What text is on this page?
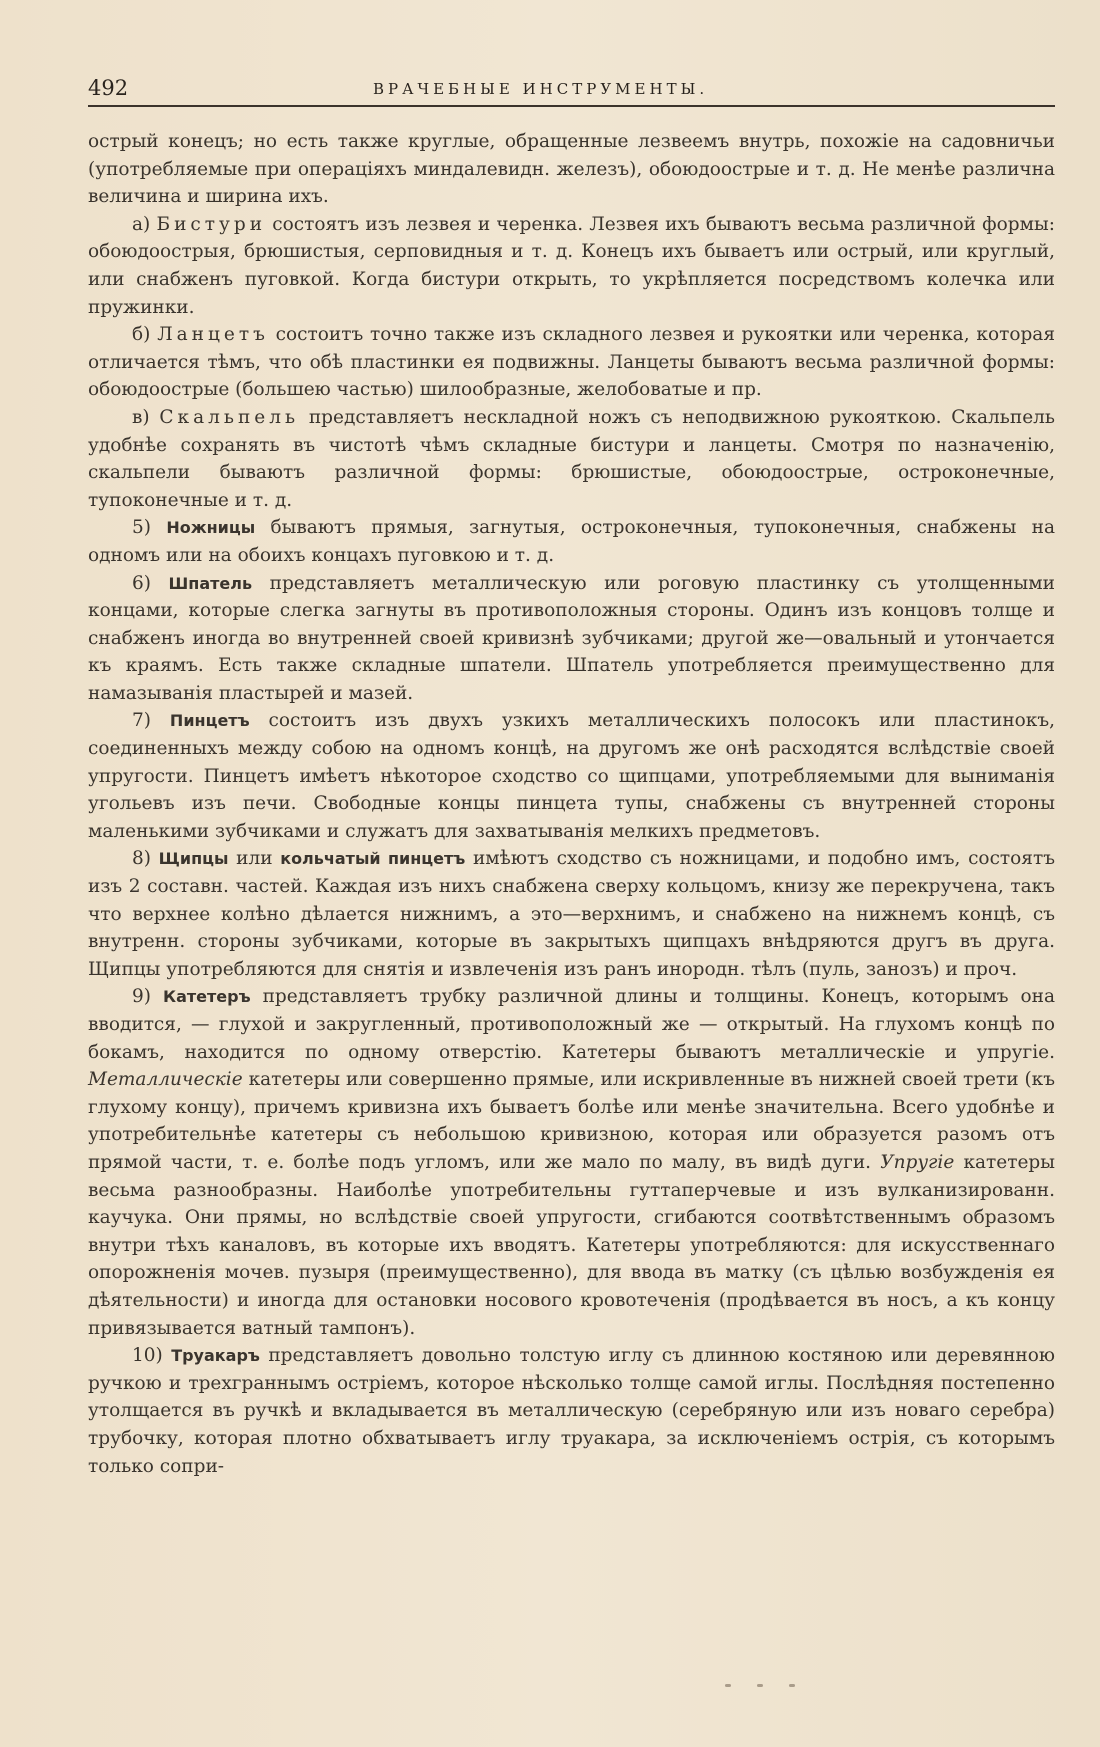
492	ВРАЧЕБНЫЕ ИНСТРУМЕНТЫ.

острый конецъ; но есть также круглые, обращенные лезвеемъ внутрь, похожіе на садовничьи (употребляемые при операціяхъ миндалевидн. железъ), обоюдоострые и т. д. Не менѣе различна величина и ширина ихъ.

а) Бистури состоятъ изъ лезвея и черенка. Лезвея ихъ бываютъ весьма различной формы: обоюдоострыя, брюшистыя, серповидныя и т. д. Конецъ ихъ бываетъ или острый, или круглый, или снабженъ пуговкой. Когда бистури открыть, то укрѣпляется посредствомъ колечка или пружинки.

б) Ланцетъ состоитъ точно также изъ складного лезвея и рукоятки или черенка, которая отличается тѣмъ, что обѣ пластинки ея подвижны. Ланцеты бываютъ весьма различной формы: обоюдоострые (большею частью) шилообразные, желобоватые и пр.

в) Скальпель представляетъ нескладной ножъ съ неподвижною рукояткою. Скальпель удобнѣе сохранять въ чистотѣ чѣмъ складные бистури и ланцеты. Смотря по назначенію, скальпели бываютъ различной формы: брюшистые, обоюдоострые, остроконечные, тупоконечные и т. д.

5) Ножницы бываютъ прямыя, загнутыя, остроконечныя, тупоконечныя, снабжены на одномъ или на обоихъ концахъ пуговкою и т. д.

6) Шпатель представляетъ металлическую или роговую пластинку съ утолщенными концами, которые слегка загнуты въ противоположныя стороны. Одинъ изъ концовъ толще и снабженъ иногда во внутренней своей кривизнѣ зубчиками; другой же—овальный и утончается къ краямъ. Есть также складные шпатели. Шпатель употребляется преимущественно для намазыванія пластырей и мазей.

7) Пинцетъ состоитъ изъ двухъ узкихъ металлическихъ полосокъ или пластинокъ, соединенныхъ между собою на одномъ концѣ, на другомъ же онѣ расходятся вслѣдствіе своей упругости. Пинцетъ имѣетъ нѣкоторое сходство со щипцами, употребляемыми для выниманія угольевъ изъ печи. Свободные концы пинцета тупы, снабжены съ внутренней стороны маленькими зубчиками и служатъ для захватыванія мелкихъ предметовъ.

8) Щипцы или кольчатый пинцетъ имѣютъ сходство съ ножницами, и подобно имъ, состоятъ изъ 2 составн. частей. Каждая изъ нихъ снабжена сверху кольцомъ, книзу же перекручена, такъ что верхнее колѣно дѣлается нижнимъ, а это—верхнимъ, и снабжено на нижнемъ концѣ, съ внутренн. стороны зубчиками, которые въ закрытыхъ щипцахъ внѣдряются другъ въ друга. Щипцы употребляются для снятія и извлеченія изъ ранъ инородн. тѣлъ (пуль, занозъ) и проч.

9) Катетеръ представляетъ трубку различной длины и толщины. Конецъ, которымъ она вводится, — глухой и закругленный, противоположный же — открытый. На глухомъ концѣ по бокамъ, находится по одному отверстію. Катетеры бываютъ металлическіе и упругіе. Металлическіе катетеры или совершенно прямые, или искривленные въ нижней своей трети (къ глухому концу), причемъ кривизна ихъ бываетъ болѣе или менѣе значительна. Всего удобнѣе и употребительнѣе катетеры съ небольшою кривизною, которая или образуется разомъ отъ прямой части, т. е. болѣе подъ угломъ, или же мало по малу, въ видѣ дуги. Упругіе катетеры весьма разнообразны. Наиболѣе употребительны гуттаперчевые и изъ вулканизированн. каучука. Они прямы, но вслѣдствіе своей упругости, сгибаются соотвѣтственнымъ образомъ внутри тѣхъ каналовъ, въ которые ихъ вводятъ. Катетеры употребляются: для искусственнаго опорожненія мочев. пузыря (преимущественно), для ввода въ матку (съ цѣлью возбужденія ея дѣятельности) и иногда для остановки носового кровотеченія (продѣвается въ носъ, а къ концу привязывается ватный тампонъ).

10) Труакаръ представляетъ довольно толстую иглу съ длинною костяною или деревянною ручкою и трехграннымъ остріемъ, которое нѣсколько толще самой иглы. Послѣдняя постепенно утолщается въ ручкѣ и вкладывается въ металлическую (серебряную или изъ новаго серебра) трубочку, которая плотно обхватываетъ иглу труакара, за исключеніемъ острія, съ которымъ только сопри-
